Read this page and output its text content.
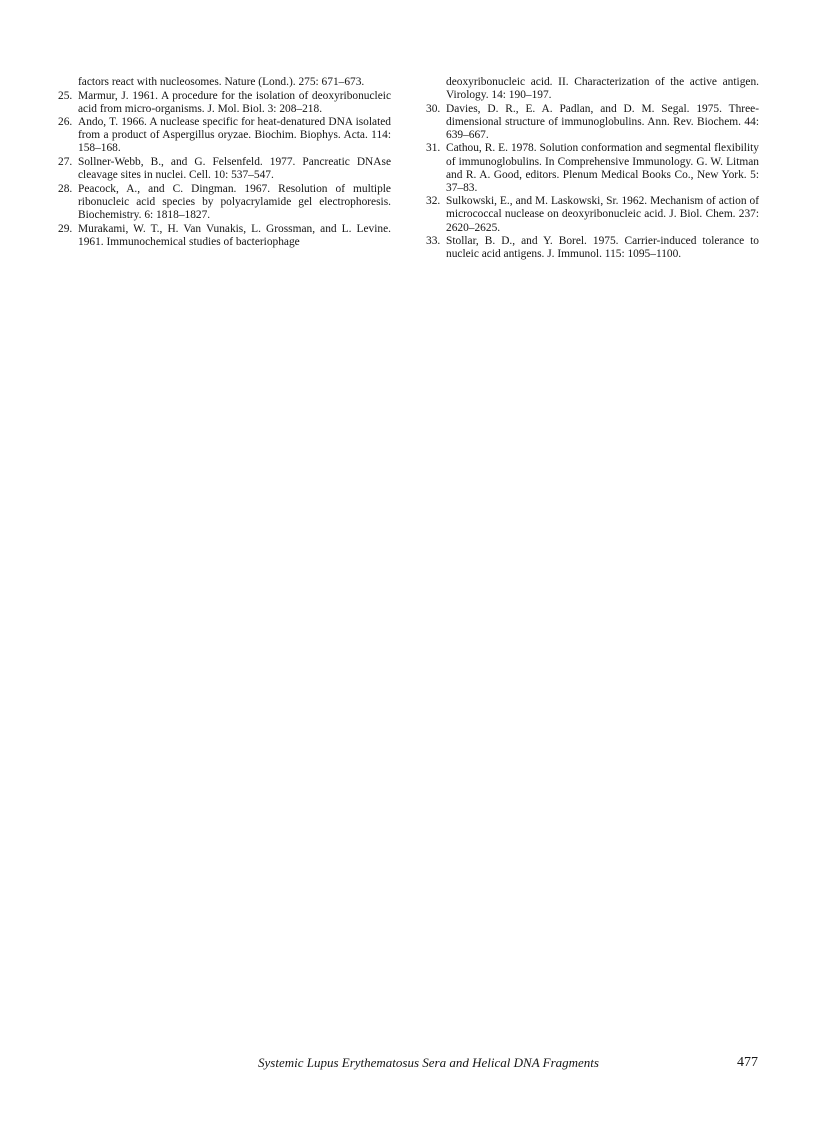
factors react with nucleosomes. Nature (Lond.). 275: 671–673.
25. Marmur, J. 1961. A procedure for the isolation of deoxyribonucleic acid from micro-organisms. J. Mol. Biol. 3: 208–218.
26. Ando, T. 1966. A nuclease specific for heat-denatured DNA isolated from a product of Aspergillus oryzae. Biochim. Biophys. Acta. 114: 158–168.
27. Sollner-Webb, B., and G. Felsenfeld. 1977. Pancreatic DNAse cleavage sites in nuclei. Cell. 10: 537–547.
28. Peacock, A., and C. Dingman. 1967. Resolution of multiple ribonucleic acid species by polyacrylamide gel electrophoresis. Biochemistry. 6: 1818–1827.
29. Murakami, W. T., H. Van Vunakis, L. Grossman, and L. Levine. 1961. Immunochemical studies of bacteriophage
deoxyribonucleic acid. II. Characterization of the active antigen. Virology. 14: 190–197.
30. Davies, D. R., E. A. Padlan, and D. M. Segal. 1975. Three-dimensional structure of immunoglobulins. Ann. Rev. Biochem. 44: 639–667.
31. Cathou, R. E. 1978. Solution conformation and segmental flexibility of immunoglobulins. In Comprehensive Immunology. G. W. Litman and R. A. Good, editors. Plenum Medical Books Co., New York. 5: 37–83.
32. Sulkowski, E., and M. Laskowski, Sr. 1962. Mechanism of action of micrococcal nuclease on deoxyribonucleic acid. J. Biol. Chem. 237: 2620–2625.
33. Stollar, B. D., and Y. Borel. 1975. Carrier-induced tolerance to nucleic acid antigens. J. Immunol. 115: 1095–1100.
Systemic Lupus Erythematosus Sera and Helical DNA Fragments	477
